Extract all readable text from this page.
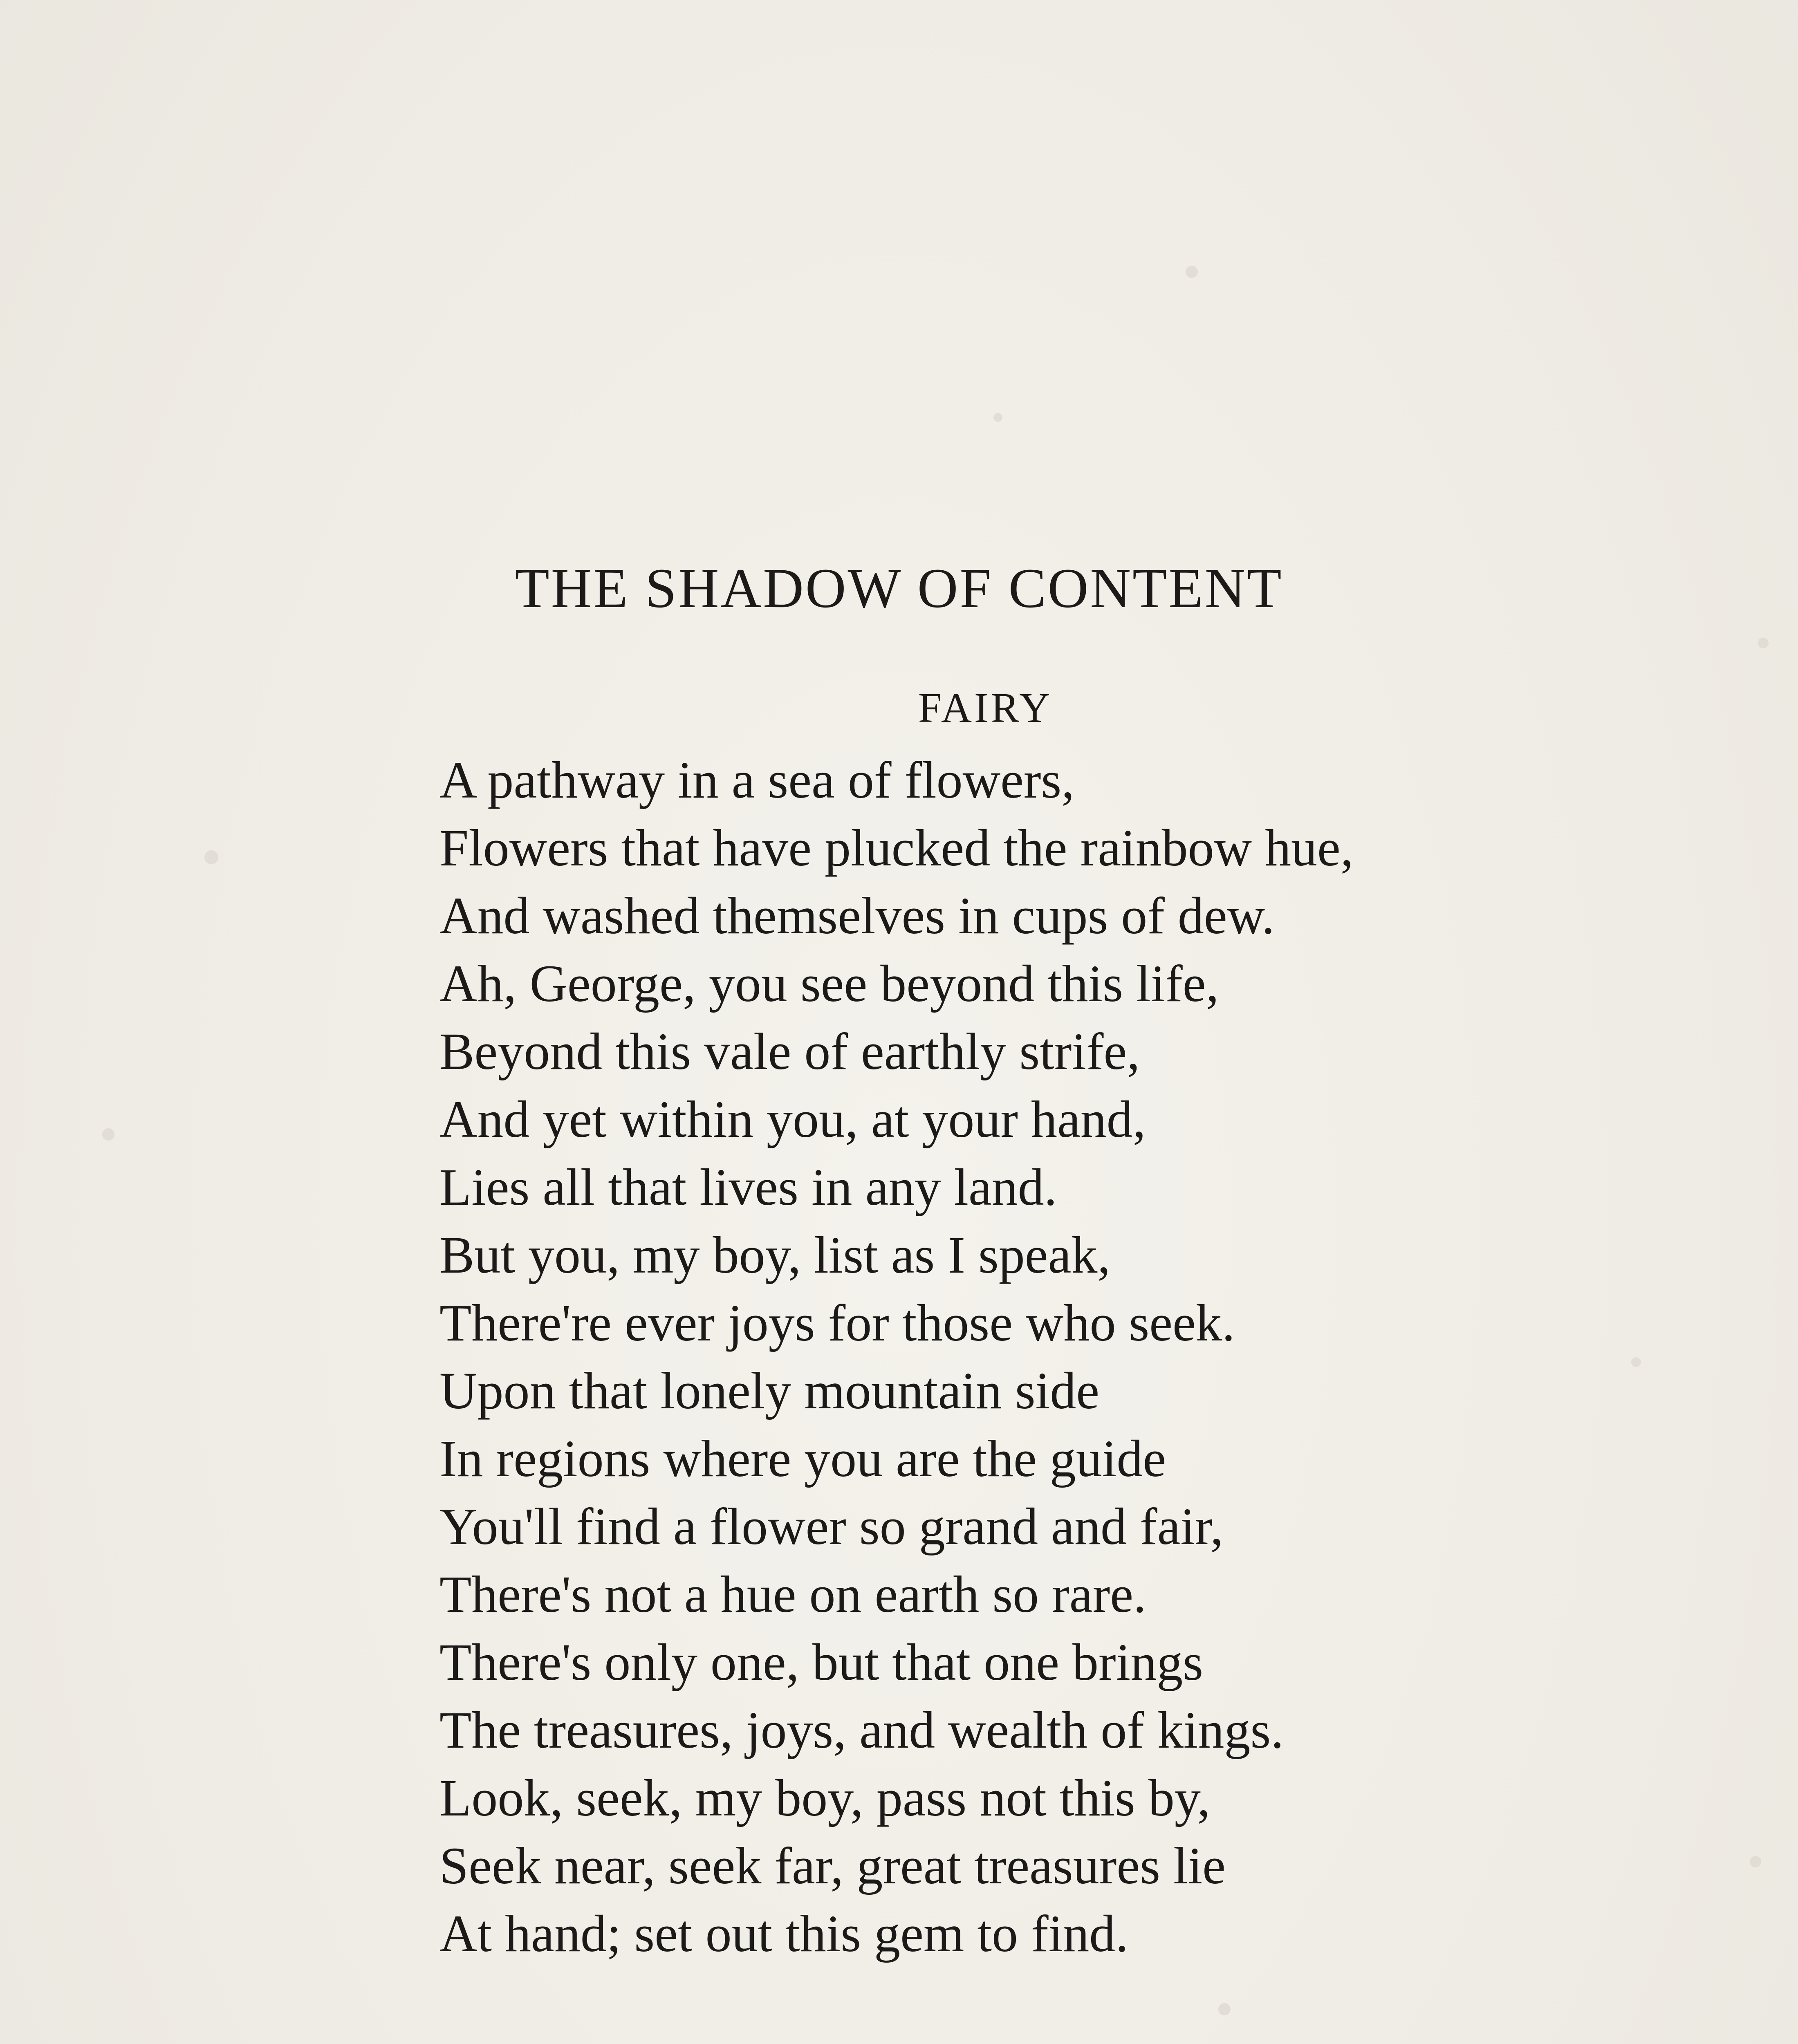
THE SHADOW OF CONTENT
FAIRY
A pathway in a sea of flowers,
Flowers that have plucked the rainbow hue,
And washed themselves in cups of dew.
Ah, George, you see beyond this life,
Beyond this vale of earthly strife,
And yet within you, at your hand,
Lies all that lives in any land.
But you, my boy, list as I speak,
There're ever joys for those who seek.
Upon that lonely mountain side
In regions where you are the guide
You'll find a flower so grand and fair,
There's not a hue on earth so rare.
There's only one, but that one brings
The treasures, joys, and wealth of kings.
Look, seek, my boy, pass not this by,
Seek near, seek far, great treasures lie
At hand; set out this gem to find.
